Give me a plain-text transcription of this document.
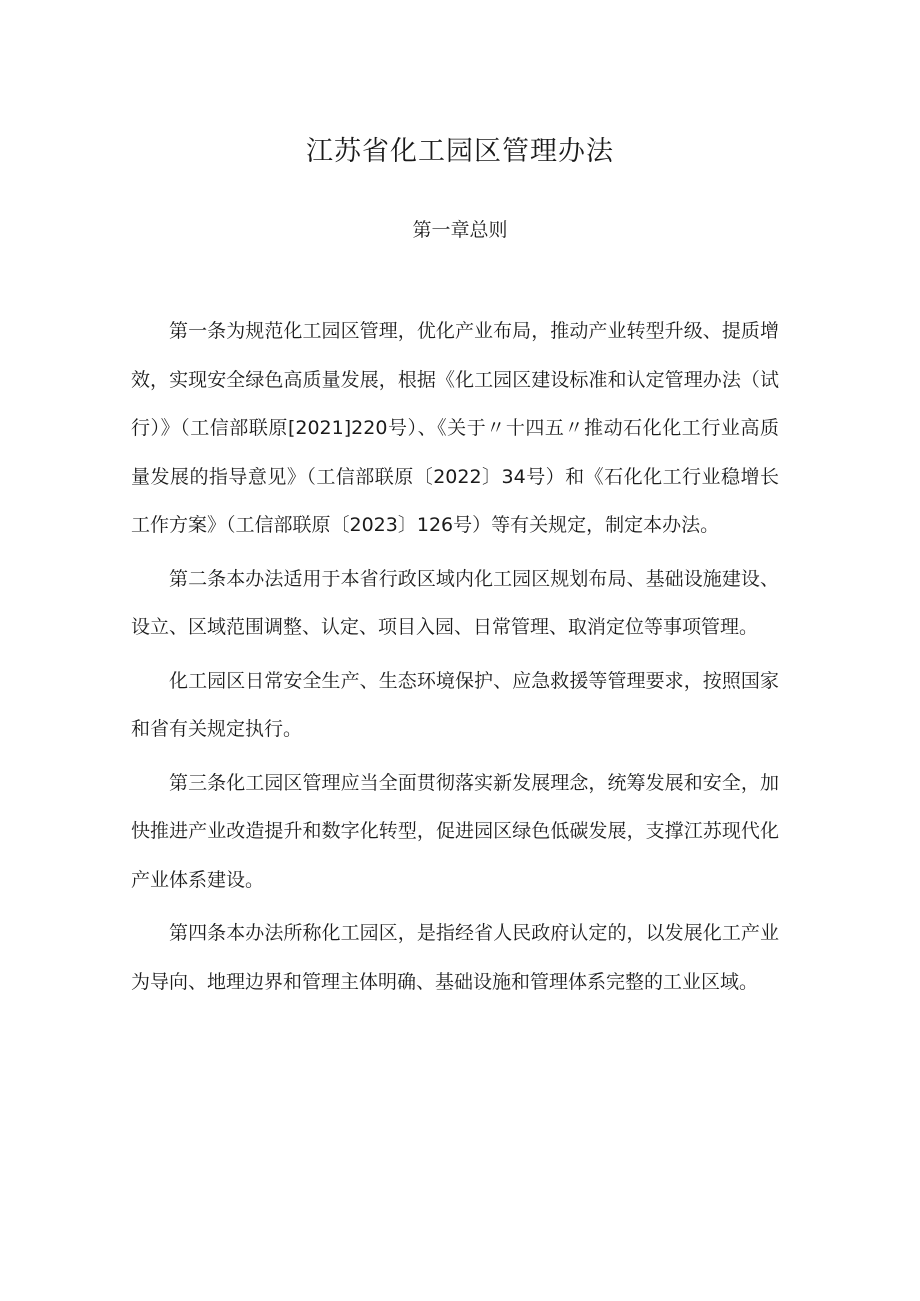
江苏省化工园区管理办法
第一章总则

第一条为规范化工园区管理，优化产业布局，推动产业转型升级、提质增效，实现安全绿色高质量发展，根据《化工园区建设标准和认定管理办法（试行）》（工信部联原[2021]220号）、《关于〃十四五〃推动石化化工行业高质量发展的指导意见》（工信部联原〔2022〕34号）和《石化化工行业稳增长工作方案》（工信部联原〔2023〕126号）等有关规定，制定本办法。

第二条本办法适用于本省行政区域内化工园区规划布局、基础设施建设、设立、区域范围调整、认定、项目入园、日常管理、取消定位等事项管理。

化工园区日常安全生产、生态环境保护、应急救援等管理要求，按照国家和省有关规定执行。

第三条化工园区管理应当全面贯彻落实新发展理念，统筹发展和安全，加快推进产业改造提升和数字化转型，促进园区绿色低碳发展，支撑江苏现代化产业体系建设。

第四条本办法所称化工园区，是指经省人民政府认定的，以发展化工产业为导向、地理边界和管理主体明确、基础设施和管理体系完整的工业区域。
